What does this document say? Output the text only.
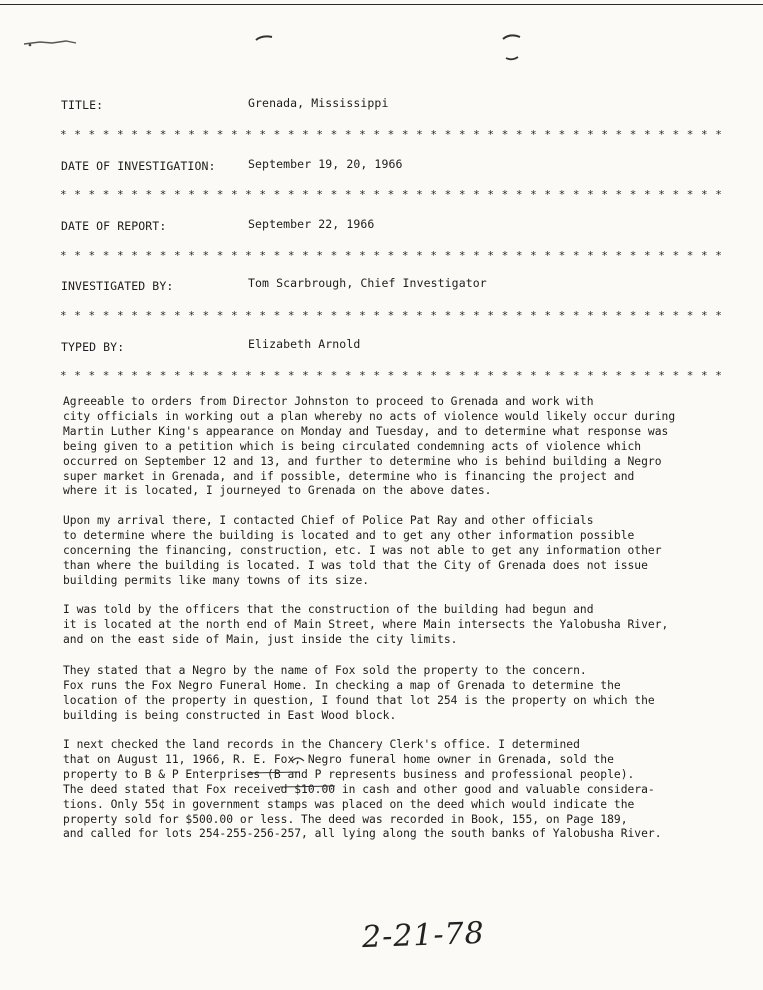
TITLE:	Grenada, Mississippi
* * * * * * * * * * * * * * * * * * * * * * * * * * * * * * * * * * * * * * * * * * * * * * *
DATE OF INVESTIGATION:	September 19, 20, 1966
* * * * * * * * * * * * * * * * * * * * * * * * * * * * * * * * * * * * * * * * * * * * * * *
DATE OF REPORT:	September 22, 1966
* * * * * * * * * * * * * * * * * * * * * * * * * * * * * * * * * * * * * * * * * * * * * * *
INVESTIGATED BY:	Tom Scarbrough, Chief Investigator
* * * * * * * * * * * * * * * * * * * * * * * * * * * * * * * * * * * * * * * * * * * * * * *
TYPED BY:	Elizabeth Arnold
* * * * * * * * * * * * * * * * * * * * * * * * * * * * * * * * * * * * * * * * * * * * * * *
Agreeable to orders from Director Johnston to proceed to Grenada and work with
city officials in working out a plan whereby no acts of violence would likely occur during
Martin Luther King's appearance on Monday and Tuesday, and to determine what response was
being given to a petition which is being circulated condemning acts of violence which
occurred on September 12 and 13, and further to determine who is behind building a Negro
super market in Grenada, and if possible, determine who is financing the project and
where it is located, I journeyed to Grenada on the above dates.
Upon my arrival there, I contacted Chief of Police Pat Ray and other officials
to determine where the building is located and to get any other information possible
concerning the financing, construction, etc. I was not able to get any information other
than where the building is located. I was told that the City of Grenada does not issue
building permits like many towns of its size.
I was told by the officers that the construction of the building had begun and
it is located at the north end of Main Street, where Main intersects the Yalobusha River,
and on the east side of Main, just inside the city limits.
They stated that a Negro by the name of Fox sold the property to the concern.
Fox runs the Fox Negro Funeral Home. In checking a map of Grenada to determine the
location of the property in question, I found that lot 254 is the property on which the
building is being constructed in East Wood block.
I next checked the land records in the Chancery Clerk's office. I determined
that on August 11, 1966, R. E. Fox, Negro funeral home owner in Grenada, sold the
property to B & P Enterprises (B and P represents business and professional people).
The deed stated that Fox received $10.00 in cash and other good and valuable considera-
tions. Only 55¢ in government stamps was placed on the deed which would indicate the
property sold for $500.00 or less. The deed was recorded in Book, 155, on Page 189,
and called for lots 254-255-256-257, all lying along the south banks of Yalobusha River.
2-21-78
